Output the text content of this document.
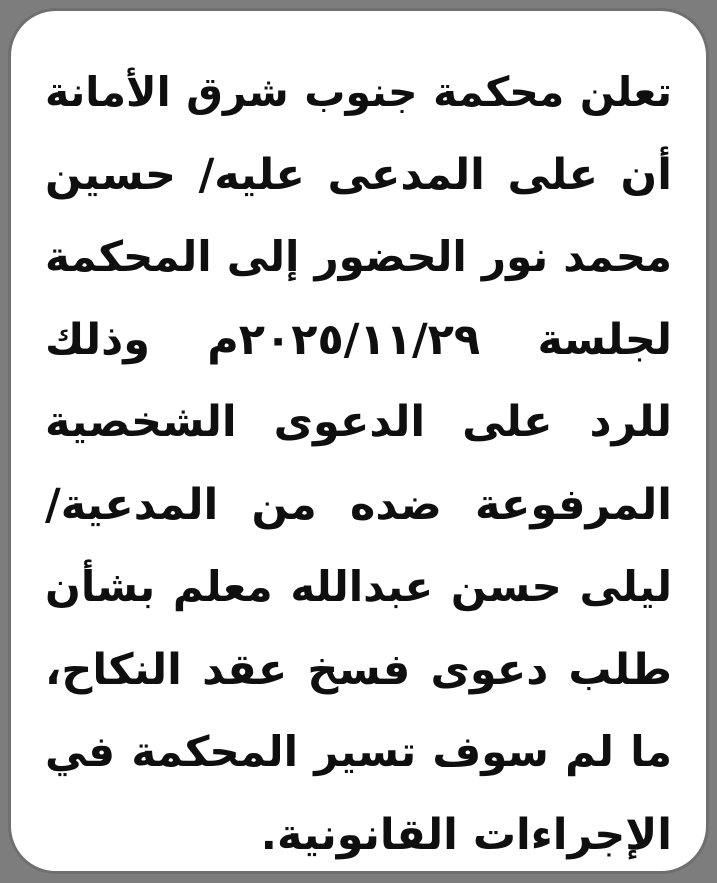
تعلن محكمة جنوب شرق الأمانة
أن على المدعى عليه/ حسين
محمد نور الحضور إلى المحكمة
لجلسة ٢٠٢٥/١١/٢٩م وذلك
للرد على الدعوى الشخصية
المرفوعة ضده من المدعية/
ليلى حسن عبدالله معلم بشأن
طلب دعوى فسخ عقد النكاح،
ما لم سوف تسير المحكمة في
الإجراءات القانونية.
